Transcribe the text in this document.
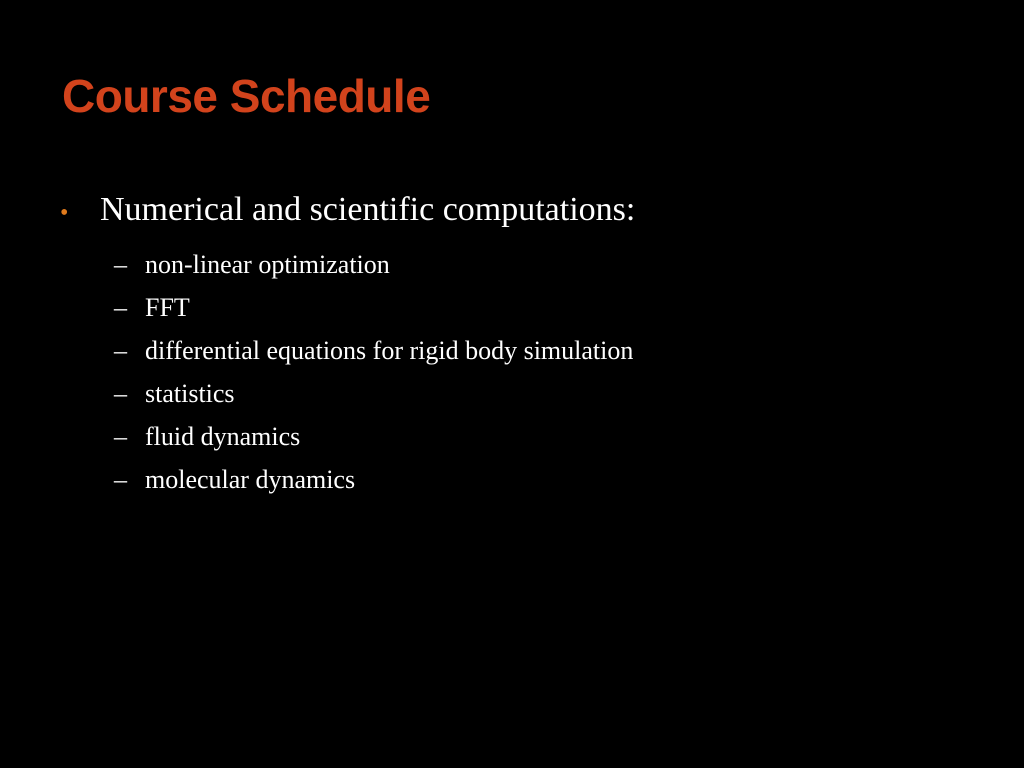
Course Schedule
• Numerical and scientific computations:
– non-linear optimization
– FFT
– differential equations for rigid body simulation
– statistics
– fluid dynamics
– molecular dynamics
